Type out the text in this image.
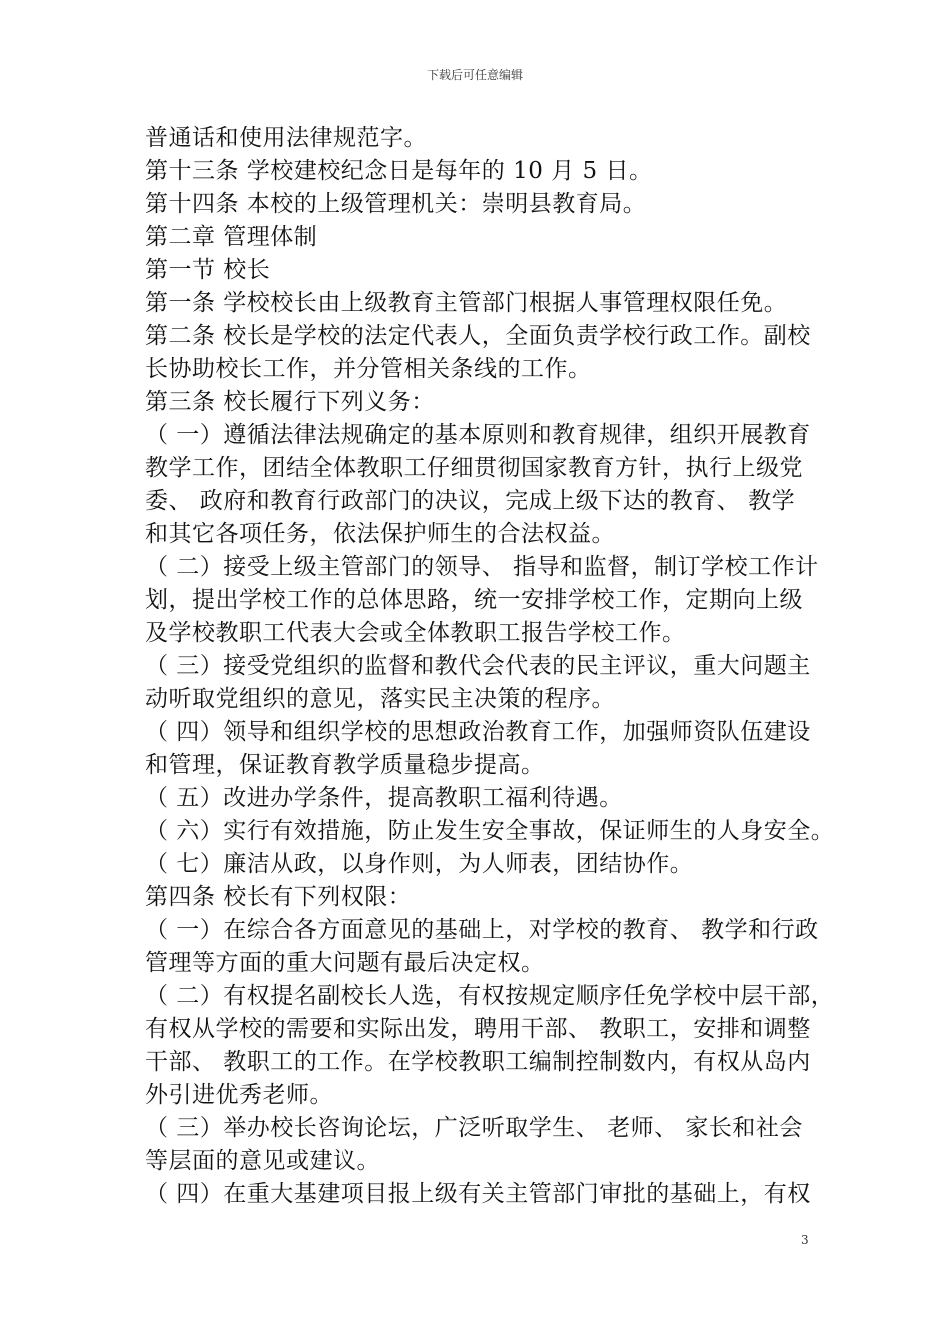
下载后可任意编辑
普通话和使用法律规范字。
第十三条 学校建校纪念日是每年的 10 月 5 日。
第十四条 本校的上级管理机关：崇明县教育局。
第二章 管理体制
第一节 校长
第一条 学校校长由上级教育主管部门根据人事管理权限任免。
第二条 校长是学校的法定代表人，全面负责学校行政工作。副校
长协助校长工作，并分管相关条线的工作。
第三条 校长履行下列义务：
（ 一）遵循法律法规确定的基本原则和教育规律，组织开展教育
教学工作，团结全体教职工仔细贯彻国家教育方针，执行上级党
委、 政府和教育行政部门的决议，完成上级下达的教育、 教学
和其它各项任务，依法保护师生的合法权益。
（ 二）接受上级主管部门的领导、 指导和监督，制订学校工作计
划，提出学校工作的总体思路，统一安排学校工作，定期向上级
及学校教职工代表大会或全体教职工报告学校工作。
（ 三）接受党组织的监督和教代会代表的民主评议，重大问题主
动听取党组织的意见，落实民主决策的程序。
（ 四）领导和组织学校的思想政治教育工作，加强师资队伍建设
和管理，保证教育教学质量稳步提高。
（ 五）改进办学条件，提高教职工福利待遇。
（ 六）实行有效措施，防止发生安全事故，保证师生的人身安全。
（ 七）廉洁从政，以身作则，为人师表，团结协作。
第四条 校长有下列权限：
（ 一）在综合各方面意见的基础上，对学校的教育、 教学和行政
管理等方面的重大问题有最后决定权。
（ 二）有权提名副校长人选，有权按规定顺序任免学校中层干部，
有权从学校的需要和实际出发，聘用干部、 教职工，安排和调整
干部、 教职工的工作。在学校教职工编制控制数内，有权从岛内
外引进优秀老师。
（ 三）举办校长咨询论坛，广泛听取学生、 老师、 家长和社会
等层面的意见或建议。
（ 四）在重大基建项目报上级有关主管部门审批的基础上，有权
3
